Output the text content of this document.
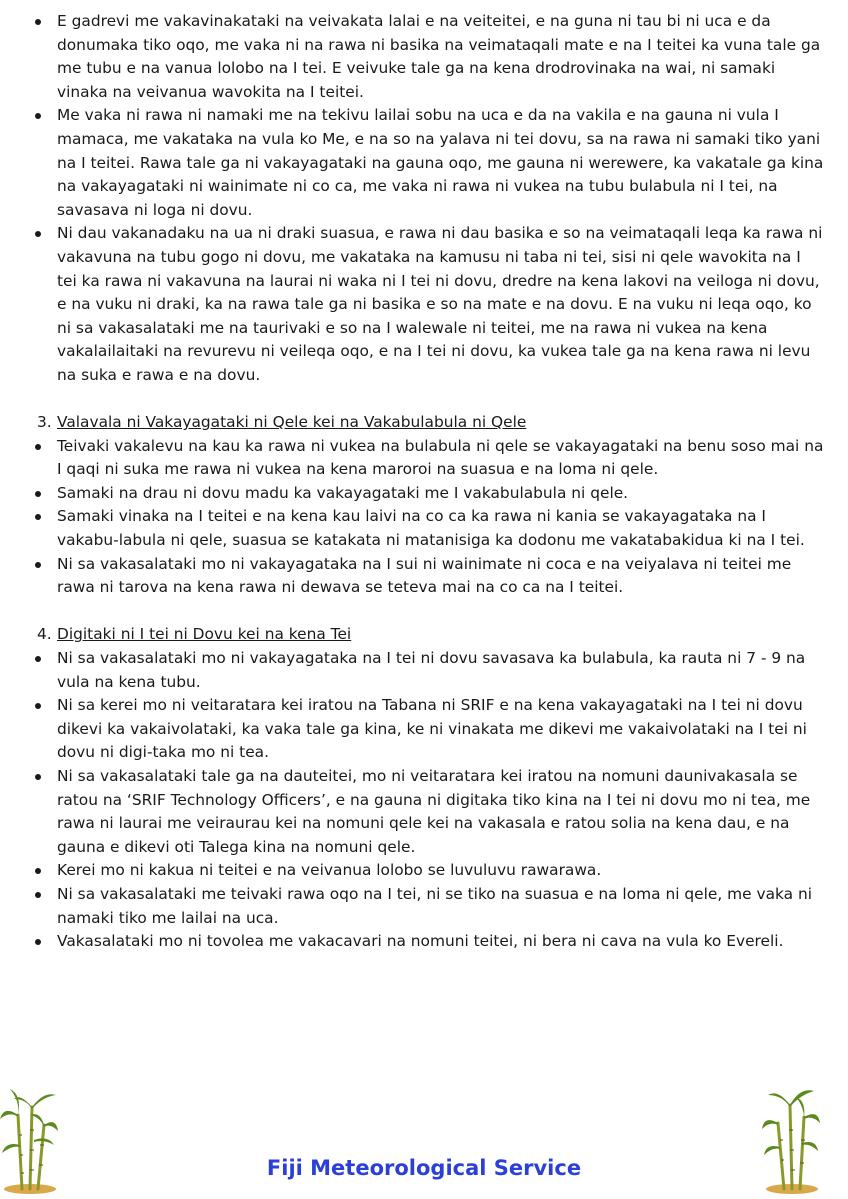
E gadrevi me vakavinakataki na veivakata lalai e na veiteitei, e na guna ni tau bi ni uca e da donumaka tiko oqo, me vaka ni na rawa ni basika na veimataqali mate e na I teitei ka vuna tale ga me tubu e na vanua lolobo na I tei. E veivuke tale ga na kena drodrovinaka na wai, ni samaki vinaka na veivanua wavokita na I teitei.
Me vaka ni rawa ni namaki me na tekivu lailai sobu na uca e da na vakila e na gauna ni vula I mamaca, me vakataka na vula ko Me, e na so na yalava ni tei dovu, sa na rawa ni samaki tiko yani na I teitei. Rawa tale ga ni vakayagataki na gauna oqo, me gauna ni werewere, ka vakatale ga kina na vakayagataki ni wainimate ni co ca, me vaka ni rawa ni vukea na tubu bulabula ni I tei, na savasava ni loga ni dovu.
Ni dau vakanadaku na ua ni draki suasua, e rawa ni dau basika e so na veimataqali leqa ka rawa ni vakavuna na tubu gogo ni dovu, me vakataka na kamusu ni taba ni tei, sisi ni qele wavokita na I tei ka rawa ni vakavuna na laurai ni waka ni I tei ni dovu, dredre na kena lakovi na veiloga ni dovu, e na vuku ni draki, ka na rawa tale ga ni basika e so na mate e na dovu. E na vuku ni leqa oqo, ko ni sa vakasalataki me na taurivaki e so na I walewale ni teitei, me na rawa ni vukea na kena vakalailaitaki na revurevu ni veileqa oqo, e na I tei ni dovu, ka vukea tale ga na kena rawa ni levu na suka e rawa e na dovu.
3. Valavala ni Vakayagataki ni Qele kei na Vakabulabula ni Qele
Teivaki vakalevu na kau ka rawa ni vukea na bulabula ni qele se vakayagataki na benu soso mai na I qaqi ni suka me rawa ni vukea na kena maroroi na suasua e na loma ni qele.
Samaki na drau ni dovu madu ka vakayagataki me I vakabulabula ni qele.
Samaki vinaka na I teitei e na kena kau laivi na co ca ka rawa ni kania se vakayagataka na I vakabu-labula ni qele, suasua se katakata ni matanisiga ka dodonu me vakatabakidua ki na I tei.
Ni sa vakasalataki mo ni vakayagataka na I sui ni wainimate ni coca e na veiyalava ni teitei me rawa ni tarova na kena rawa ni dewava se teteva mai na co ca na I teitei.
4. Digitaki ni I tei ni Dovu kei na kena Tei
Ni sa vakasalataki mo ni vakayagataka na I tei ni dovu savasava ka bulabula, ka rauta ni 7 - 9 na vula na kena tubu.
Ni sa kerei mo ni veitaratara kei iratou na Tabana ni SRIF e na kena vakayagataki na I tei ni dovu dikevi ka vakaivolataki, ka vaka tale ga kina, ke ni vinakata me dikevi me vakaivolataki na I tei ni dovu ni digi-taka mo ni tea.
Ni sa vakasalataki tale ga na dauteitei, mo ni veitaratara kei iratou na nomuni daunivakasala se ratou na ‘SRIF Technology Officers’, e na gauna ni digitaka tiko kina na I tei ni dovu mo ni tea, me rawa ni laurai me veiraurau kei na nomuni qele kei na vakasala e ratou solia na kena dau, e na gauna e dikevi oti Talega kina na nomuni qele.
Kerei mo ni kakua ni teitei e na veivanua lolobo se luvuluvu rawarawa.
Ni sa vakasalataki me teivaki rawa oqo na I tei, ni se tiko na suasua e na loma ni qele, me vaka ni namaki tiko me lailai na uca.
Vakasalataki mo ni tovolea me vakacavari na nomuni teitei, ni bera ni cava na vula ko Evereli.
Fiji Meteorological Service
